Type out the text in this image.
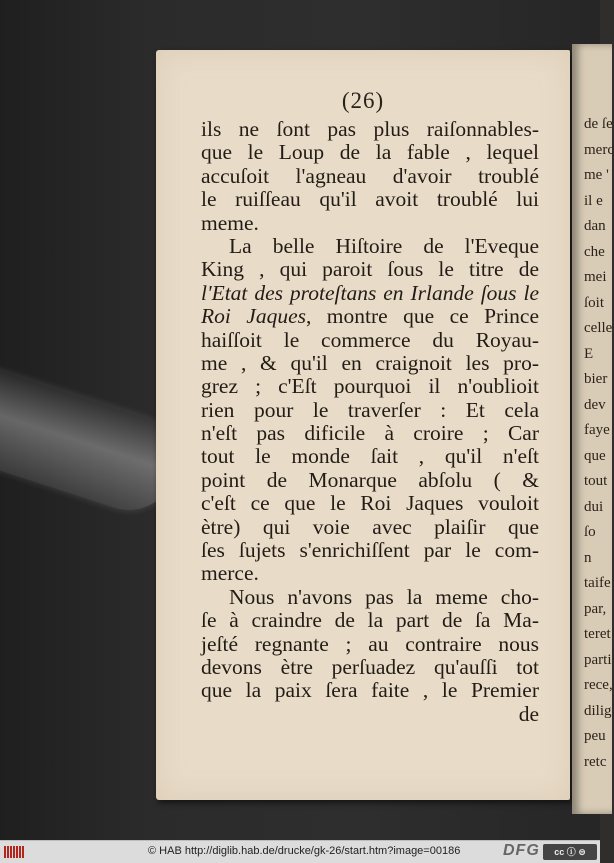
(26)
ils ne ſont pas plus raiſonnables-
que le Loup de la fable , lequel
accuſoit l'agneau d'avoir troublé
le ruiſſeau qu'il avoit troublé lui
meme.
La belle Hiſtoire de l'Eveque
King , qui paroit ſous le titre de
l'Etat des proteſtans en Irlande ſous le
Roi Jaques, montre que ce Prince
haiſſoit le commerce du Royau-
me , & qu'il en craignoit les pro-
grez ; c'Eſt pourquoi il n'oublioit
rien pour le traverſer : Et cela
n'eſt pas dificile à croire ; Car
tout le monde ſait , qu'il n'eſt
point de Monarque abſolu ( &
c'eſt ce que le Roi Jaques vouloit
ètre) qui voie avec plaiſir que
ſes ſujets s'enrichiſſent par le com-
merce.
Nous n'avons pas la meme cho-
ſe à craindre de la part de ſa Ma-
jeſté regnante ; au contraire nous
devons ètre perſuadez qu'auſſi tot
que la paix ſera faite , le Premier
de
de ſe
merc
me '
il e
dan
che
mei
ſoit
celle
E
bier
dev
faye
que
tout
dui
ſo
n
taife
par,
teret
parti
rece,
dilig
peu
retc
© HAB http://diglib.hab.de/drucke/gk-26/start.htm?image=00186	DFG	cc ⓘ ⊜
